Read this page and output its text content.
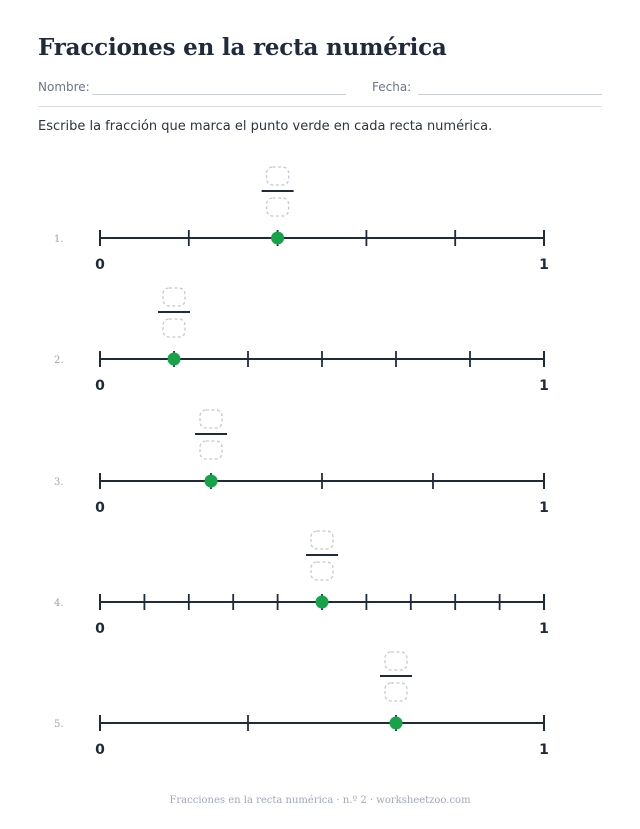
Fracciones en la recta numérica
Nombre:	Fecha:
Escribe la fracción que marca el punto verde en cada recta numérica.
1.
0	1
2.
0	1
3.
0	1
4.
0	1
5.
0	1
Fracciones en la recta numérica · n.º 2 · worksheetzoo.com
